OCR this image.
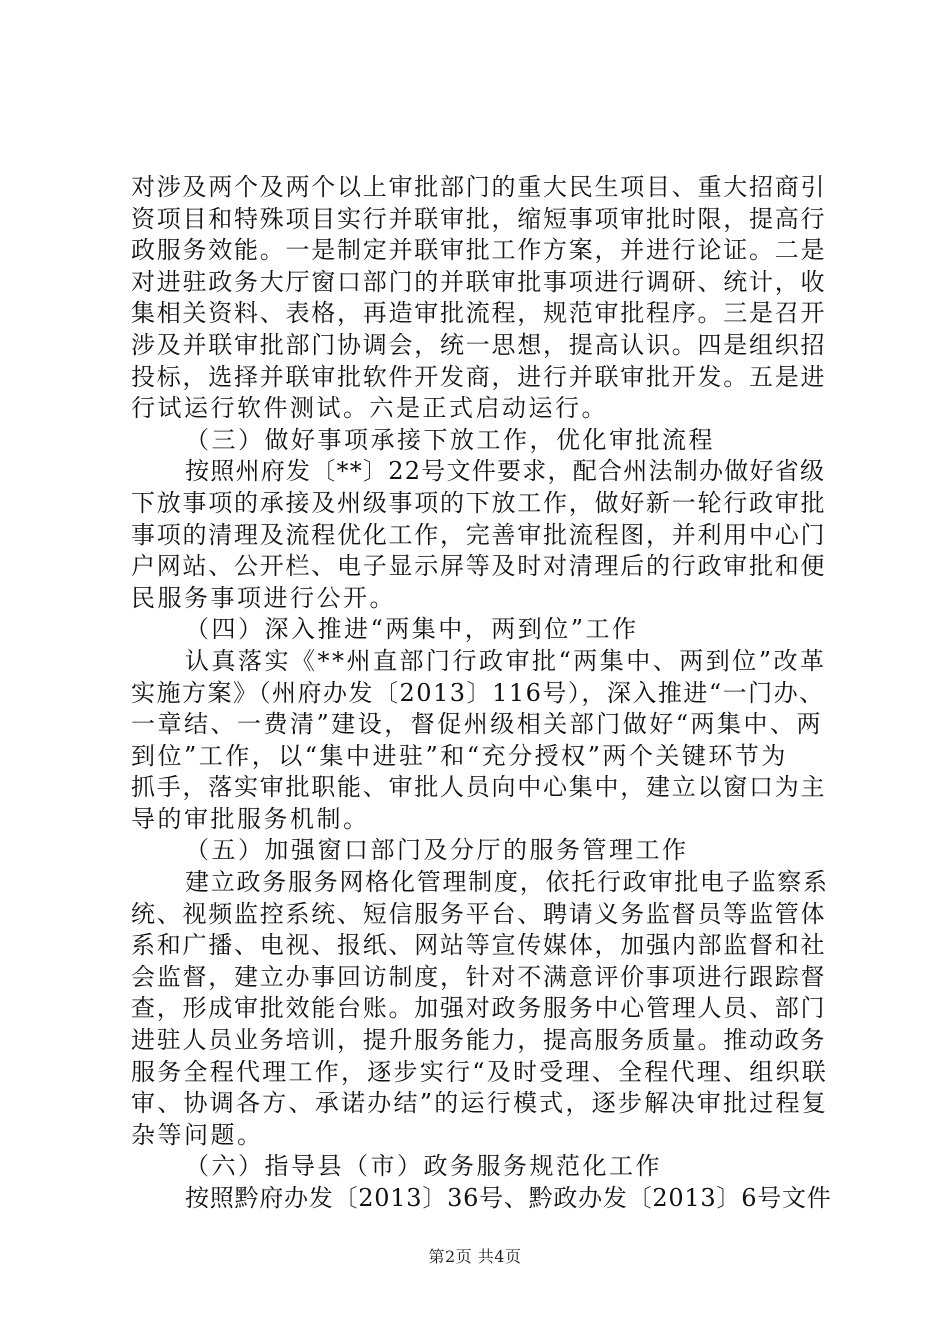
对涉及两个及两个以上审批部门的重大民生项目、重大招商引
资项目和特殊项目实行并联审批，缩短事项审批时限，提高行
政服务效能。一是制定并联审批工作方案，并进行论证。二是
对进驻政务大厅窗口部门的并联审批事项进行调研、统计，收
集相关资料、表格，再造审批流程，规范审批程序。三是召开
涉及并联审批部门协调会，统一思想，提高认识。四是组织招
投标，选择并联审批软件开发商，进行并联审批开发。五是进
行试运行软件测试。六是正式启动运行。
（三）做好事项承接下放工作，优化审批流程
按照州府发〔**〕22号文件要求，配合州法制办做好省级
下放事项的承接及州级事项的下放工作，做好新一轮行政审批
事项的清理及流程优化工作，完善审批流程图，并利用中心门
户网站、公开栏、电子显示屏等及时对清理后的行政审批和便
民服务事项进行公开。
（四）深入推进“两集中，两到位”工作
认真落实《**州直部门行政审批“两集中、两到位”改革
实施方案》（州府办发〔2013〕116号），深入推进“一门办、
一章结、一费清”建设，督促州级相关部门做好“两集中、两
到位”工作，以“集中进驻”和“充分授权”两个关键环节为
抓手，落实审批职能、审批人员向中心集中，建立以窗口为主
导的审批服务机制。
（五）加强窗口部门及分厅的服务管理工作
建立政务服务网格化管理制度，依托行政审批电子监察系
统、视频监控系统、短信服务平台、聘请义务监督员等监管体
系和广播、电视、报纸、网站等宣传媒体，加强内部监督和社
会监督，建立办事回访制度，针对不满意评价事项进行跟踪督
查，形成审批效能台账。加强对政务服务中心管理人员、部门
进驻人员业务培训，提升服务能力，提高服务质量。推动政务
服务全程代理工作，逐步实行“及时受理、全程代理、组织联
审、协调各方、承诺办结”的运行模式，逐步解决审批过程复
杂等问题。
（六）指导县（市）政务服务规范化工作
按照黔府办发〔2013〕36号、黔政办发〔2013〕6号文件
第2页 共4页
